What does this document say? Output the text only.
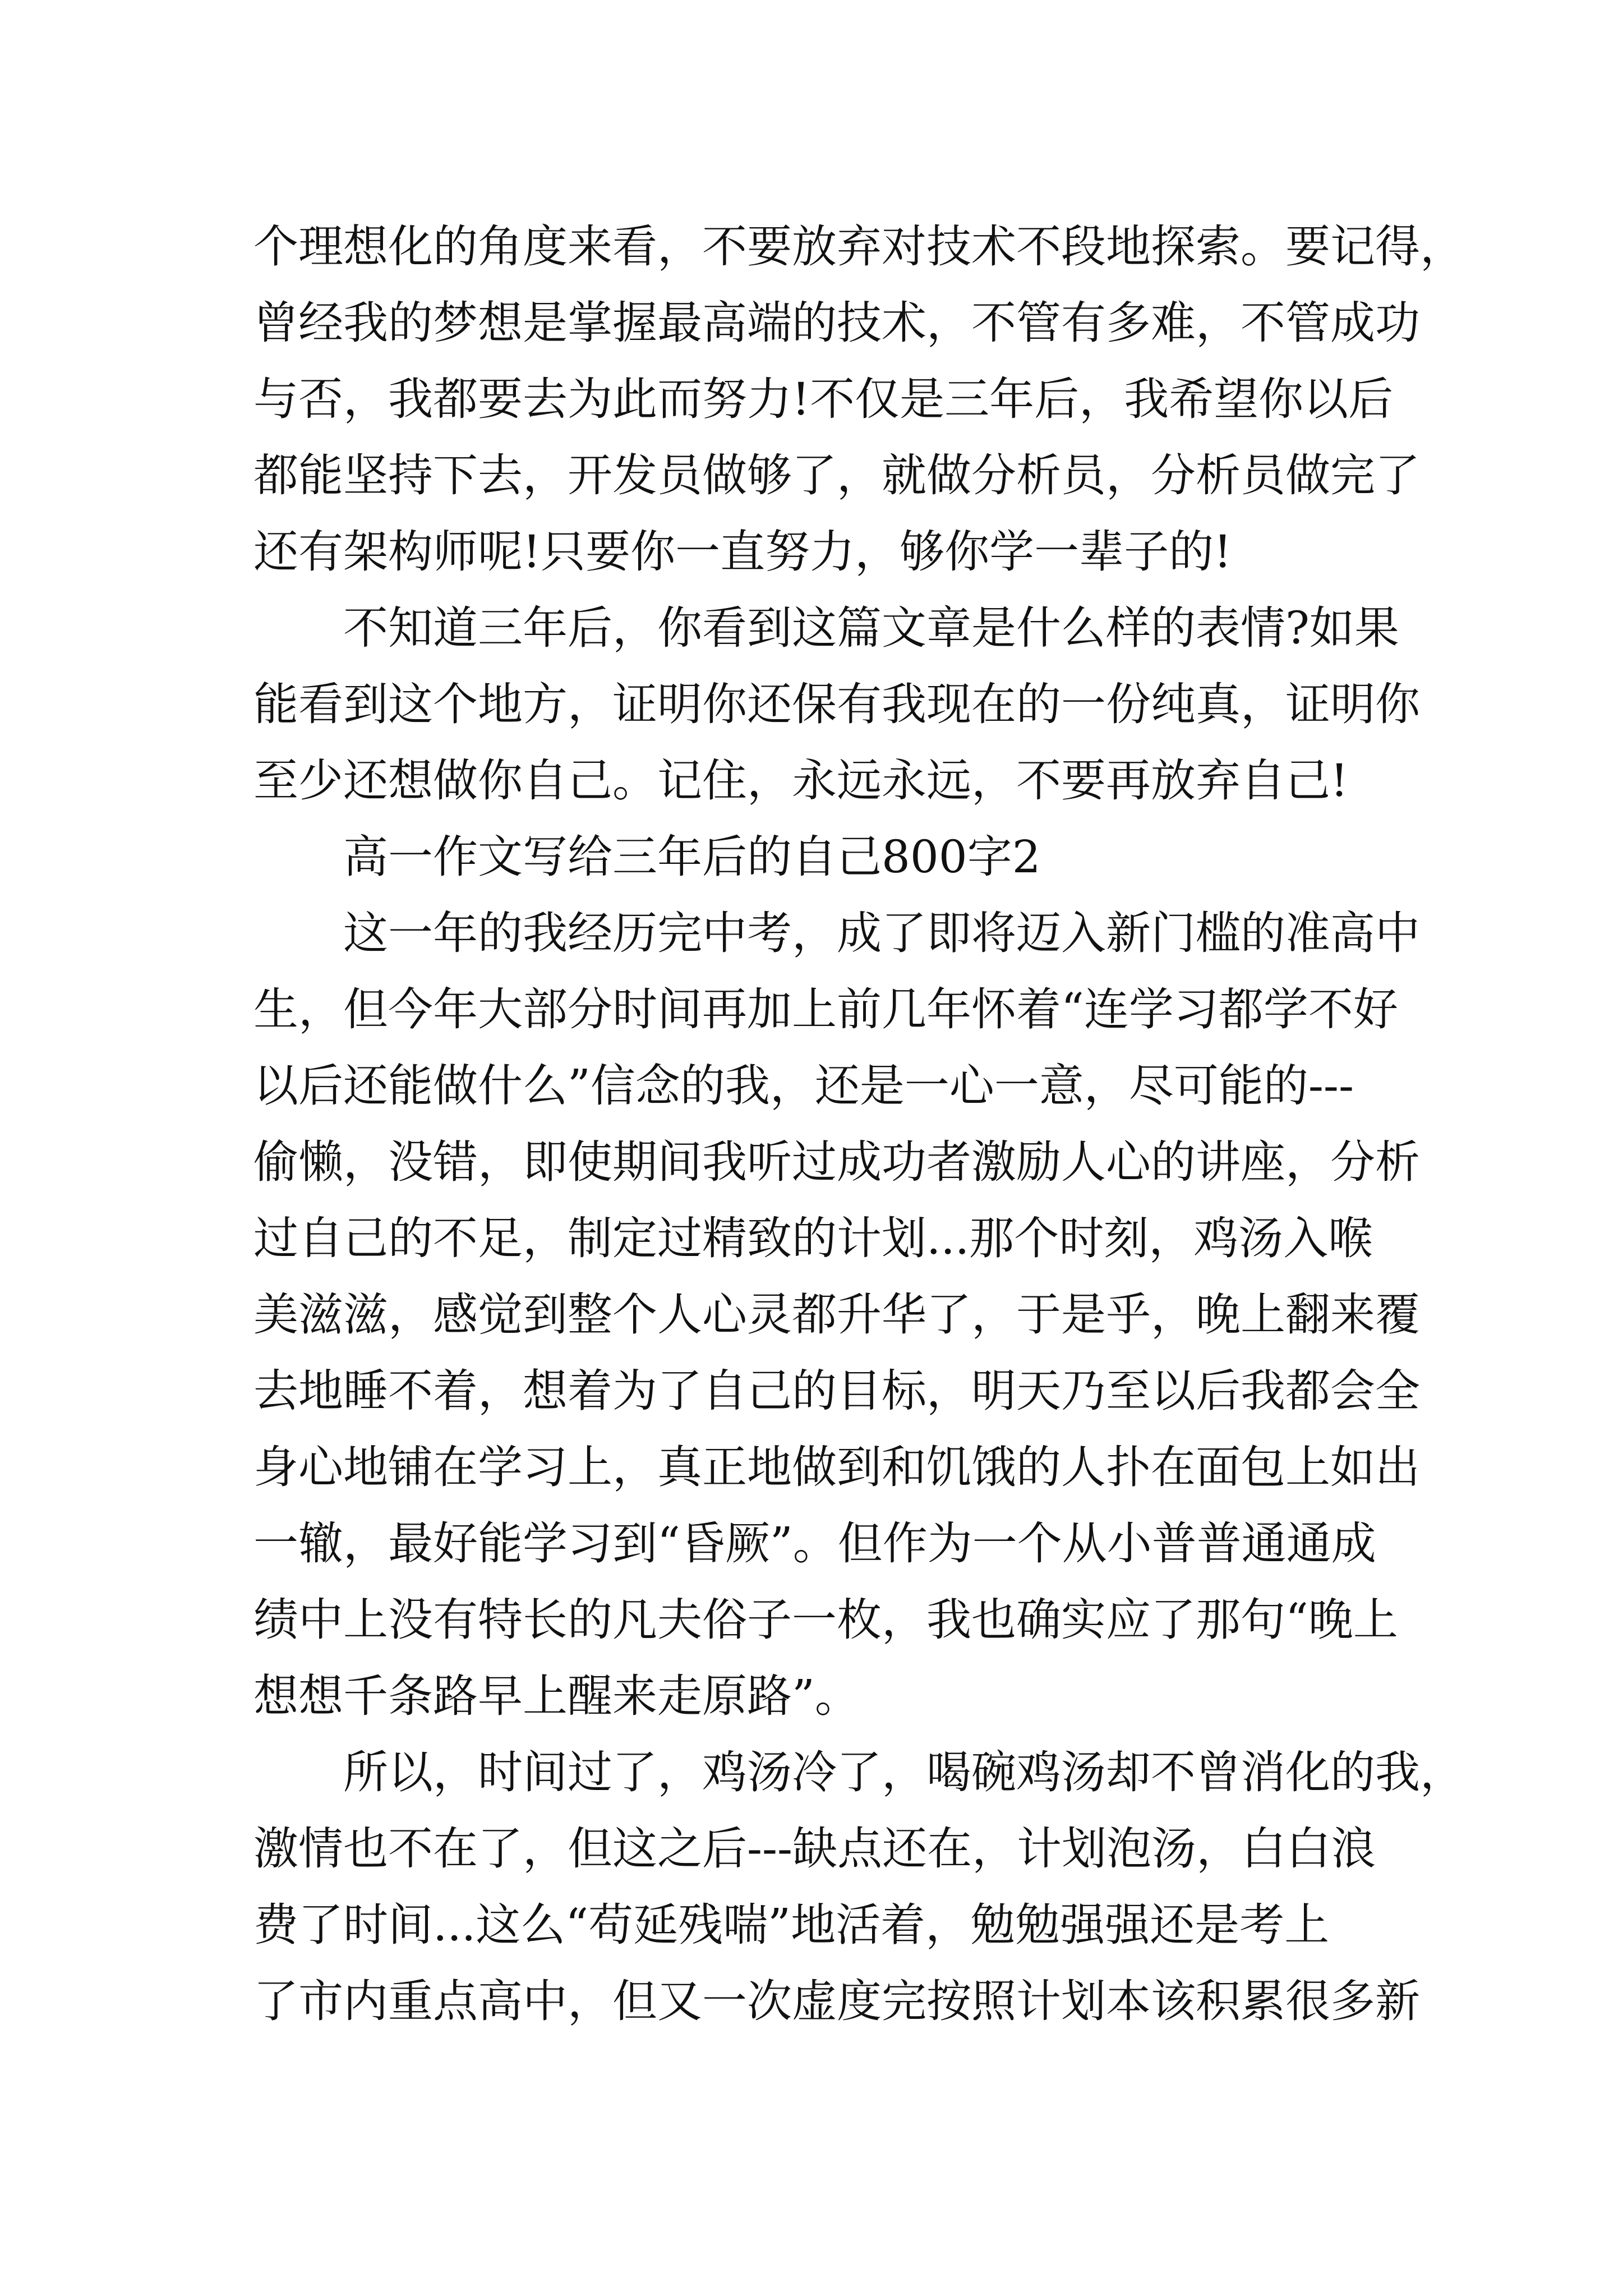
个理想化的角度来看，不要放弃对技术不段地探索。要记得，
曾经我的梦想是掌握最高端的技术，不管有多难，不管成功
与否，我都要去为此而努力!不仅是三年后，我希望你以后
都能坚持下去，开发员做够了，就做分析员，分析员做完了
还有架构师呢!只要你一直努力，够你学一辈子的!
　　不知道三年后，你看到这篇文章是什么样的表情?如果
能看到这个地方，证明你还保有我现在的一份纯真，证明你
至少还想做你自己。记住，永远永远，不要再放弃自己!
　　高一作文写给三年后的自己800字2
　　这一年的我经历完中考，成了即将迈入新门槛的准高中
生，但今年大部分时间再加上前几年怀着“连学习都学不好
以后还能做什么”信念的我，还是一心一意，尽可能的---
偷懒，没错，即使期间我听过成功者激励人心的讲座，分析
过自己的不足，制定过精致的计划...那个时刻，鸡汤入喉
美滋滋，感觉到整个人心灵都升华了，于是乎，晚上翻来覆
去地睡不着，想着为了自己的目标，明天乃至以后我都会全
身心地铺在学习上，真正地做到和饥饿的人扑在面包上如出
一辙，最好能学习到“昏厥”。但作为一个从小普普通通成
绩中上没有特长的凡夫俗子一枚，我也确实应了那句“晚上
想想千条路早上醒来走原路”。
　　所以，时间过了，鸡汤冷了，喝碗鸡汤却不曾消化的我，
激情也不在了，但这之后---缺点还在，计划泡汤，白白浪
费了时间...这么“苟延残喘”地活着，勉勉强强还是考上
了市内重点高中，但又一次虚度完按照计划本该积累很多新
